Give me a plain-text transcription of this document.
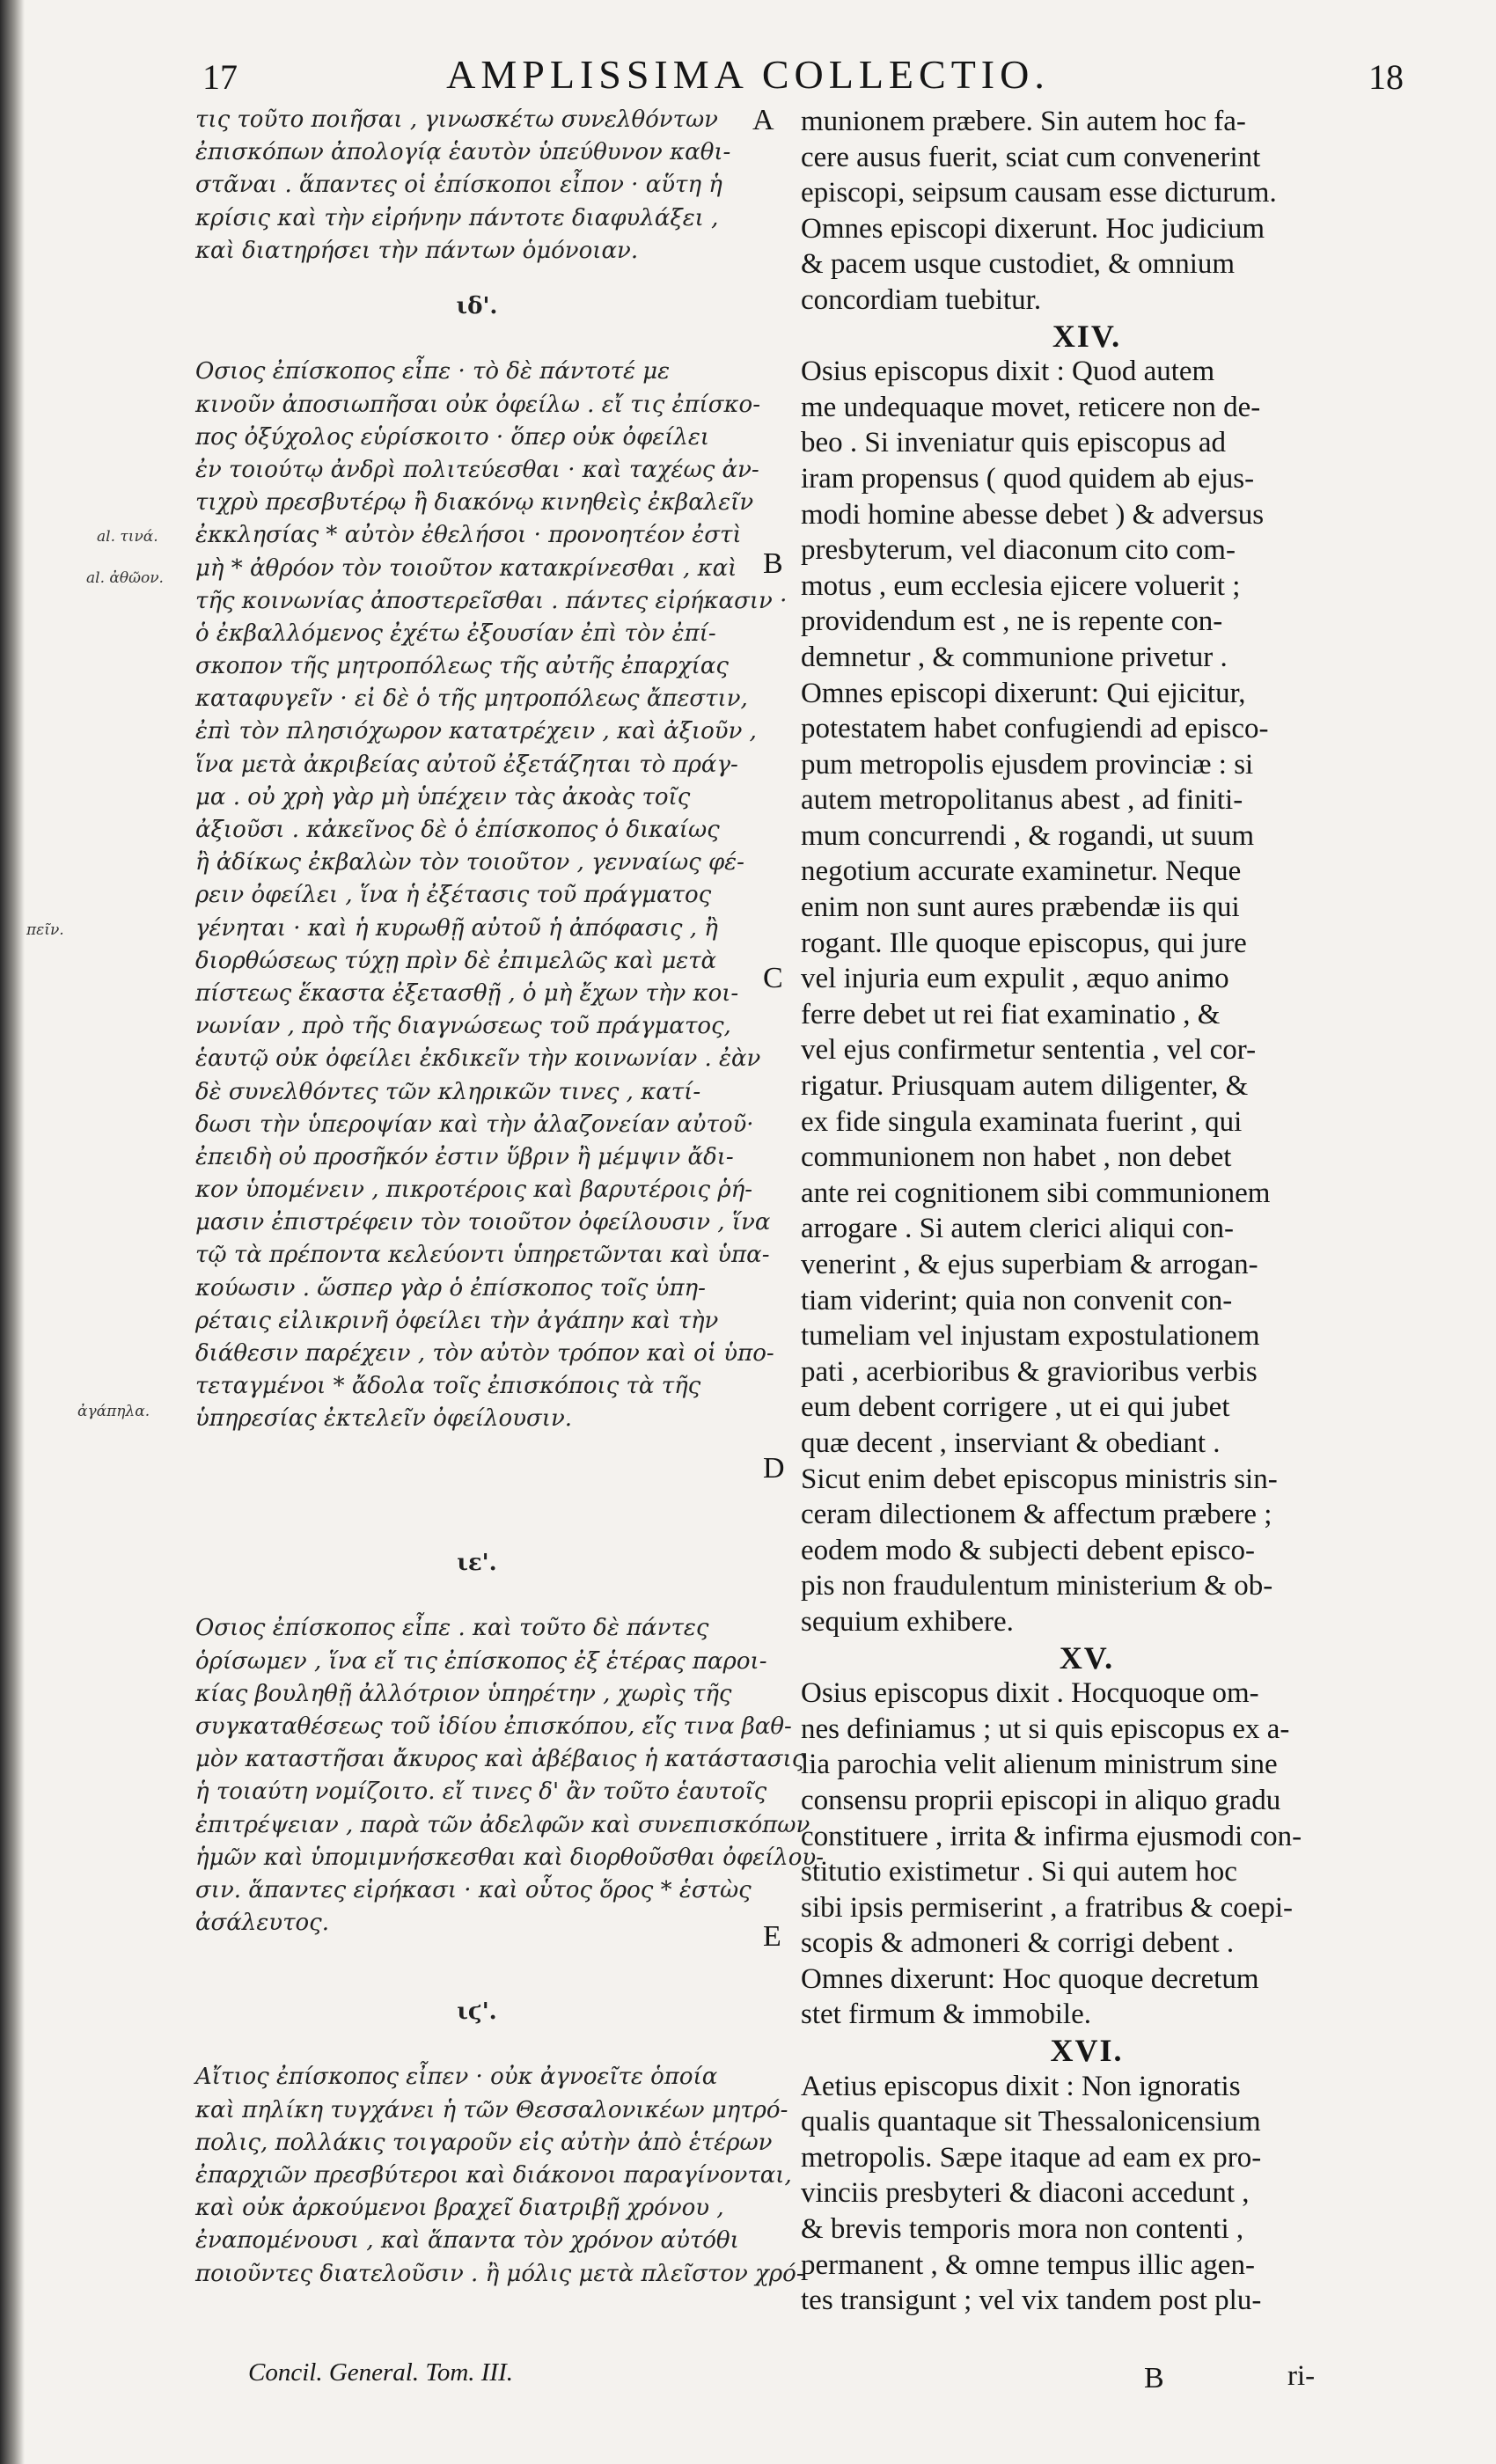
17	AMPLISSIMA COLLECTIO.	18
τις τοῦτο ποιῆσαι , γινωσκέτω συνελθόντων
ἐπισκόπων ἀπολογίᾳ ἑαυτὸν ὑπεύθυνον καθι-
στᾶναι . ἅπαντες οἱ ἐπίσκοποι εἶπον · αὕτη ἡ
κρίσις καὶ τὴν εἰρήνην πάντοτε διαφυλάξει ,
καὶ διατηρήσει τὴν πάντων ὁμόνοιαν.
ιδ'.
Οσιος ἐπίσκοπος εἶπε · τὸ δὲ πάντοτέ με
κινοῦν ἀποσιωπῆσαι οὐκ ὀφείλω . εἴ τις ἐπίσκο-
πος ὀξύχολος εὑρίσκοιτο · ὅπερ οὐκ ὀφείλει
ἐν τοιούτῳ ἀνδρὶ πολιτεύεσθαι · καὶ ταχέως ἀν-
τιχρὺ πρεσβυτέρῳ ἢ διακόνῳ κινηθεὶς ἐκβαλεῖν
ἐκκλησίας * αὐτὸν ἐθελήσοι · προνοητέον ἐστὶ
μὴ * ἀθρόον τὸν τοιοῦτον κατακρίνεσθαι , καὶ
τῆς κοινωνίας ἀποστερεῖσθαι . πάντες εἰρήκασιν ·
ὁ ἐκβαλλόμενος ἐχέτω ἐξουσίαν ἐπὶ τὸν ἐπί-
σκοπον τῆς μητροπόλεως τῆς αὐτῆς ἐπαρχίας
καταφυγεῖν · εἰ δὲ ὁ τῆς μητροπόλεως ἄπεστιν,
ἐπὶ τὸν πλησιόχωρον κατατρέχειν , καὶ ἀξιοῦν ,
ἵνα μετὰ ἀκριβείας αὐτοῦ ἐξετάζηται τὸ πράγ-
μα . οὐ χρὴ γὰρ μὴ ὑπέχειν τὰς ἀκοὰς τοῖς
ἀξιοῦσι . κἀκεῖνος δὲ ὁ ἐπίσκοπος ὁ δικαίως
ἢ ἀδίκως ἐκβαλὼν τὸν τοιοῦτον , γενναίως φέ-
ρειν ὀφείλει , ἵνα ἡ ἐξέτασις τοῦ πράγματος
γένηται · καὶ ἡ κυρωθῇ αὐτοῦ ἡ ἀπόφασις , ἢ
διορθώσεως τύχῃ πρὶν δὲ ἐπιμελῶς καὶ μετὰ
πίστεως ἕκαστα ἐξετασθῇ , ὁ μὴ ἔχων τὴν κοι-
νωνίαν , πρὸ τῆς διαγνώσεως τοῦ πράγματος,
ἑαυτῷ οὐκ ὀφείλει ἐκδικεῖν τὴν κοινωνίαν . ἐὰν
δὲ συνελθόντες τῶν κληρικῶν τινες , κατί-
δωσι τὴν ὑπεροψίαν καὶ τὴν ἀλαζονείαν αὐτοῦ·
ἐπειδὴ οὐ προσῆκόν ἐστιν ὕβριν ἢ μέμψιν ἄδι-
κον ὑπομένειν , πικροτέροις καὶ βαρυτέροις ῥή-
μασιν ἐπιστρέφειν τὸν τοιοῦτον ὀφείλουσιν , ἵνα
τῷ τὰ πρέποντα κελεύοντι ὑπηρετῶνται καὶ ὑπα-
κούωσιν . ὥσπερ γὰρ ὁ ἐπίσκοπος τοῖς ὑπη-
ρέταις εἰλικρινῆ ὀφείλει τὴν ἀγάπην καὶ τὴν
διάθεσιν παρέχειν , τὸν αὐτὸν τρόπον καὶ οἱ ὑπο-
τεταγμένοι * ἄδολα τοῖς ἐπισκόποις τὰ τῆς
ὑπηρεσίας ἐκτελεῖν ὀφείλουσιν.
ιε'.
Οσιος ἐπίσκοπος εἶπε . καὶ τοῦτο δὲ πάντες
ὁρίσωμεν , ἵνα εἴ τις ἐπίσκοπος ἐξ ἑτέρας παροι-
κίας βουληθῇ ἀλλότριον ὑπηρέτην , χωρὶς τῆς
συγκαταθέσεως τοῦ ἰδίου ἐπισκόπου, εἴς τινα βαθ-
μὸν καταστῆσαι ἄκυρος καὶ ἀβέβαιος ἡ κατάστασις
ἡ τοιαύτη νομίζοιτο. εἴ τινες δ' ἂν τοῦτο ἑαυτοῖς
ἐπιτρέψειαν , παρὰ τῶν ἀδελφῶν καὶ συνεπισκόπων
ἡμῶν καὶ ὑπομιμνήσκεσθαι καὶ διορθοῦσθαι ὀφείλου-
σιν. ἅπαντες εἰρήκασι · καὶ οὗτος ὅρος * ἑστὼς
ἀσάλευτος.
ιϛ'.
Αἴτιος ἐπίσκοπος εἶπεν · οὐκ ἀγνοεῖτε ὁποία
καὶ πηλίκη τυγχάνει ἡ τῶν Θεσσαλονικέων μητρό-
πολις, πολλάκις τοιγαροῦν εἰς αὐτὴν ἀπὸ ἑτέρων
ἐπαρχιῶν πρεσβύτεροι καὶ διάκονοι παραγίνονται,
καὶ οὐκ ἀρκούμενοι βραχεῖ διατριβῇ χρόνου ,
ἐναπομένουσι , καὶ ἅπαντα τὸν χρόνον αὐτόθι
ποιοῦντες διατελοῦσιν . ἢ μόλις μετὰ πλεῖστον χρό-
munionem præbere. Sin autem hoc fa-
cere ausus fuerit, sciat cum convenerint
episcopi, seipsum causam esse dicturum.
Omnes episcopi dixerunt. Hoc judicium
& pacem usque custodiet, & omnium
concordiam tuebitur.
XIV.
Osius episcopus dixit : Quod autem
me undequaque movet, reticere non de-
beo . Si inveniatur quis episcopus ad
iram propensus ( quod quidem ab ejus-
modi homine abesse debet ) & adversus
presbyterum, vel diaconum cito com-
motus , eum ecclesia ejicere voluerit ;
providendum est , ne is repente con-
demnetur , & communione privetur .
Omnes episcopi dixerunt: Qui ejicitur,
potestatem habet confugiendi ad episco-
pum metropolis ejusdem provinciæ : si
autem metropolitanus abest , ad finiti-
mum concurrendi , & rogandi, ut suum
negotium accurate examinetur. Neque
enim non sunt aures præbendæ iis qui
rogant. Ille quoque episcopus, qui jure
vel injuria eum expulit , æquo animo
ferre debet ut rei fiat examinatio , &
vel ejus confirmetur sententia , vel cor-
rigatur. Priusquam autem diligenter, &
ex fide singula examinata fuerint , qui
communionem non habet , non debet
ante rei cognitionem sibi communionem
arrogare . Si autem clerici aliqui con-
venerint , & ejus superbiam & arrogan-
tiam viderint; quia non convenit con-
tumeliam vel injustam expostulationem
pati , acerbioribus & gravioribus verbis
eum debent corrigere , ut ei qui jubet
quæ decent , inserviant & obediant .
Sicut enim debet episcopus ministris sin-
ceram dilectionem & affectum præbere ;
eodem modo & subjecti debent episco-
pis non fraudulentum ministerium & ob-
sequium exhibere.
XV.
Osius episcopus dixit . Hocquoque om-
nes definiamus ; ut si quis episcopus ex a-
lia parochia velit alienum ministrum sine
consensu proprii episcopi in aliquo gradu
constituere , irrita & infirma ejusmodi con-
stitutio existimetur . Si qui autem hoc
sibi ipsis permiserint , a fratribus & coepi-
scopis & admoneri & corrigi debent .
Omnes dixerunt: Hoc quoque decretum
stet firmum & immobile.
XVI.
Aetius episcopus dixit : Non ignoratis
qualis quantaque sit Thessalonicensium
metropolis. Sæpe itaque ad eam ex pro-
vinciis presbyteri & diaconi accedunt ,
& brevis temporis mora non contenti ,
permanent , & omne tempus illic agen-
tes transigunt ; vel vix tandem post plu-
A
B
C
D
E
al. τινά.
al. ἀθῶον.
πεῖν.
ἀγάπηλα.
Concil. General. Tom. III.	B	ri-
